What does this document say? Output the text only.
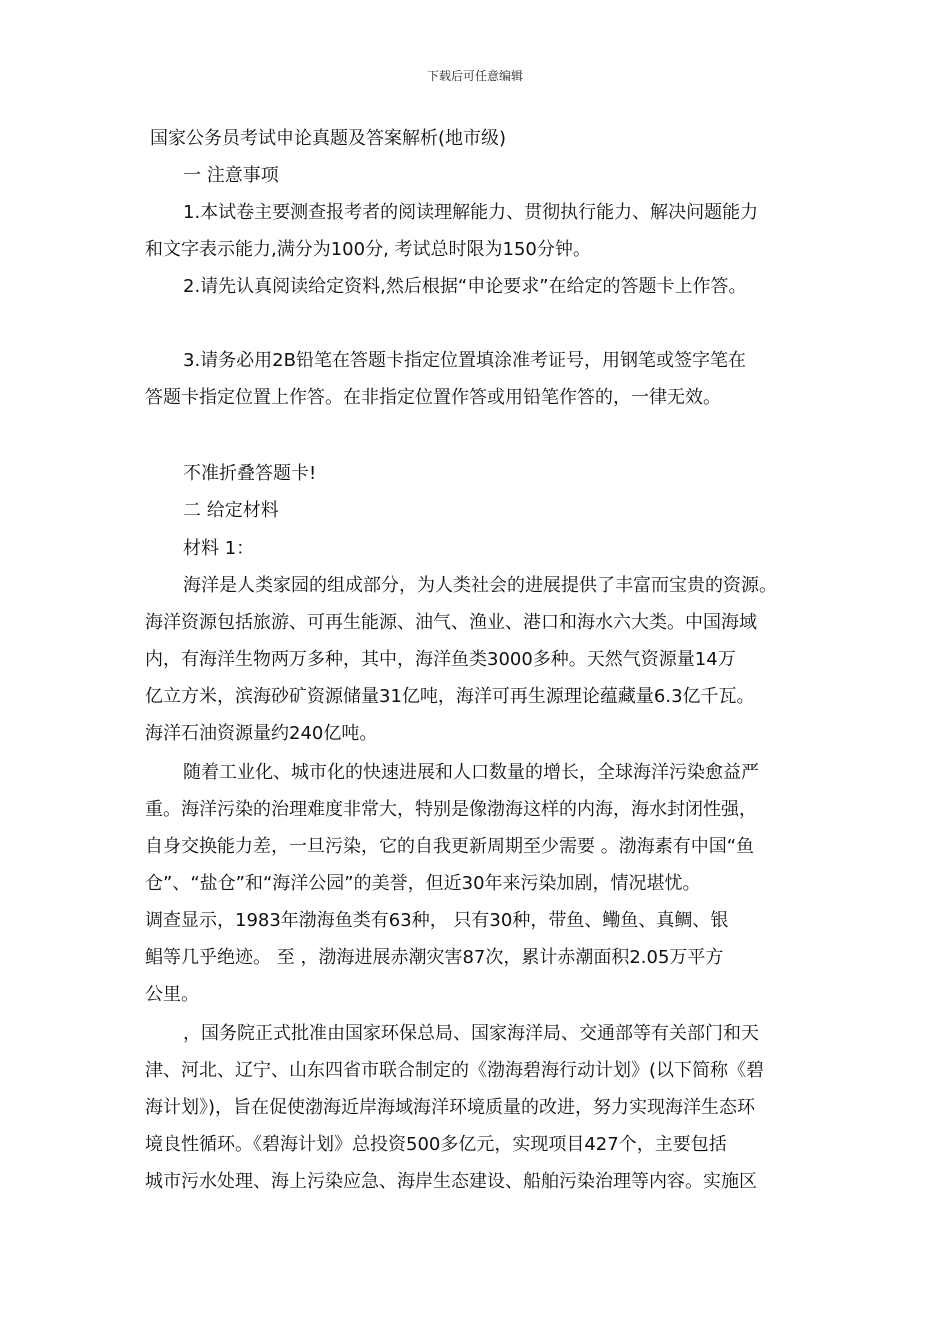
下载后可任意编辑
国家公务员考试申论真题及答案解析(地市级)
一 注意事项
1.本试卷主要测查报考者的阅读理解能力、贯彻执行能力、解决问题能力
和文字表示能力,满分为100分, 考试总时限为150分钟。
2.请先认真阅读给定资料,然后根据“申论要求”在给定的答题卡上作答。
3.请务必用2B铅笔在答题卡指定位置填涂准考证号，用钢笔或签字笔在
答题卡指定位置上作答。在非指定位置作答或用铅笔作答的，一律无效。
不准折叠答题卡!
二 给定材料
材料 1：
海洋是人类家园的组成部分，为人类社会的进展提供了丰富而宝贵的资源。
海洋资源包括旅游、可再生能源、油气、渔业、港口和海水六大类。中国海域
内，有海洋生物两万多种，其中，海洋鱼类3000多种。天然气资源量14万
亿立方米，滨海砂矿资源储量31亿吨，海洋可再生源理论蕴藏量6.3亿千瓦。
海洋石油资源量约240亿吨。
随着工业化、城市化的快速进展和人口数量的增长，全球海洋污染愈益严
重。海洋污染的治理难度非常大，特别是像渤海这样的内海，海水封闭性强，
自身交换能力差，一旦污染，它的自我更新周期至少需要 。渤海素有中国“鱼
仓”、“盐仓”和“海洋公园”的美誉，但近30年来污染加剧，情况堪忧。
调查显示，1983年渤海鱼类有63种， 只有30种，带鱼、鳓鱼、真鲷、银
鲳等几乎绝迹。 至 ，渤海进展赤潮灾害87次，累计赤潮面积2.05万平方
公里。
，国务院正式批准由国家环保总局、国家海洋局、交通部等有关部门和天
津、河北、辽宁、山东四省市联合制定的《渤海碧海行动计划》(以下简称《碧
海计划》)，旨在促使渤海近岸海域海洋环境质量的改进，努力实现海洋生态环
境良性循环。《碧海计划》总投资500多亿元，实现项目427个，主要包括
城市污水处理、海上污染应急、海岸生态建设、船舶污染治理等内容。实施区
